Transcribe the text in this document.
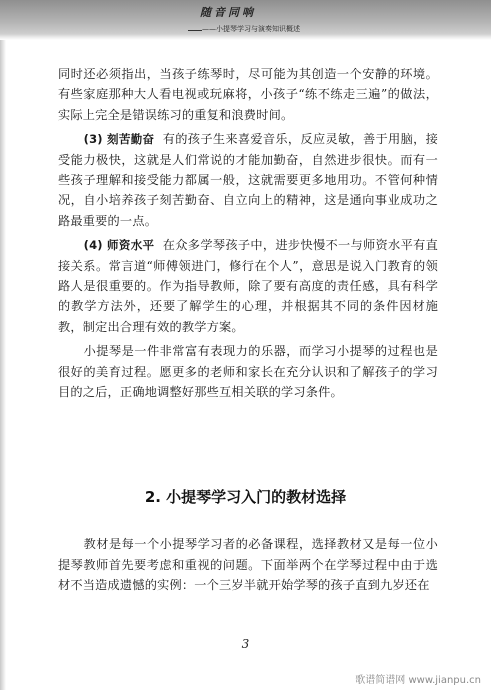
随音同响
——小提琴学习与演奏知识概述

同时还必须指出，当孩子练琴时，尽可能为其创造一个安静的环境。有些家庭那种大人看电视或玩麻将，小孩子“练不练走三遍”的做法，实际上完全是错误练习的重复和浪费时间。

(3) 刻苦勤奋 有的孩子生来喜爱音乐，反应灵敏，善于用脑，接受能力极快，这就是人们常说的才能加勤奋，自然进步很快。而有一些孩子理解和接受能力都属一般，这就需要更多地用功。不管何种情况，自小培养孩子刻苦勤奋、自立向上的精神，这是通向事业成功之路最重要的一点。

(4) 师资水平 在众多学琴孩子中，进步快慢不一与师资水平有直接关系。常言道“师傅领进门，修行在个人”，意思是说入门教育的领路人是很重要的。作为指导教师，除了要有高度的责任感，具有科学的教学方法外，还要了解学生的心理，并根据其不同的条件因材施教，制定出合理有效的教学方案。

小提琴是一件非常富有表现力的乐器，而学习小提琴的过程也是很好的美育过程。愿更多的老师和家长在充分认识和了解孩子的学习目的之后，正确地调整好那些互相关联的学习条件。

2. 小提琴学习入门的教材选择

教材是每一个小提琴学习者的必备课程，选择教材又是每一位小提琴教师首先要考虑和重视的问题。下面举两个在学琴过程中由于选材不当造成遗憾的实例：一个三岁半就开始学琴的孩子直到九岁还在

3
歌谱简谱网 www.jianpu.cn
